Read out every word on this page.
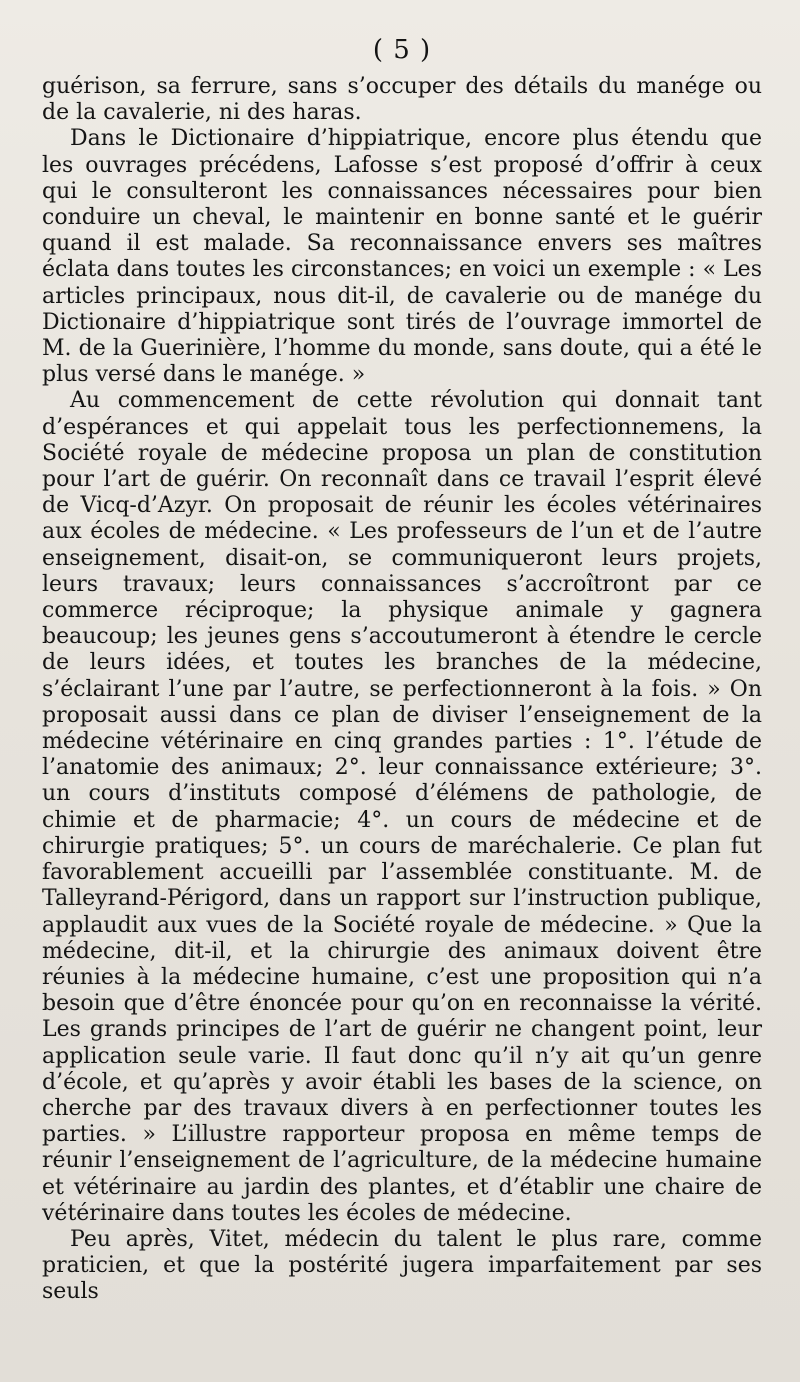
( 5 )

guérison, sa ferrure, sans s’occuper des détails du manége ou de la cavalerie, ni des haras.

Dans le Dictionaire d’hippiatrique, encore plus étendu que les ouvrages précédens, Lafosse s’est proposé d’offrir à ceux qui le consulteront les connaissances nécessaires pour bien conduire un cheval, le maintenir en bonne santé et le guérir quand il est malade. Sa reconnaissance envers ses maîtres éclata dans toutes les circonstances; en voici un exemple : « Les articles principaux, nous dit-il, de cavalerie ou de manége du Dictionaire d’hippiatrique sont tirés de l’ouvrage immortel de M. de la Guerinière, l’homme du monde, sans doute, qui a été le plus versé dans le manége. »

Au commencement de cette révolution qui donnait tant d’espérances et qui appelait tous les perfectionnemens, la Société royale de médecine proposa un plan de constitution pour l’art de guérir. On reconnaît dans ce travail l’esprit élevé de Vicq-d’Azyr. On proposait de réunir les écoles vétérinaires aux écoles de médecine. « Les professeurs de l’un et de l’autre enseignement, disait-on, se communiqueront leurs projets, leurs travaux; leurs connaissances s’accroîtront par ce commerce réciproque; la physique animale y gagnera beaucoup; les jeunes gens s’accoutumeront à étendre le cercle de leurs idées, et toutes les branches de la médecine, s’éclairant l’une par l’autre, se perfectionneront à la fois. » On proposait aussi dans ce plan de diviser l’enseignement de la médecine vétérinaire en cinq grandes parties : 1°. l’étude de l’anatomie des animaux; 2°. leur connaissance extérieure; 3°. un cours d’instituts composé d’élémens de pathologie, de chimie et de pharmacie; 4°. un cours de médecine et de chirurgie pratiques; 5°. un cours de maréchalerie. Ce plan fut favorablement accueilli par l’assemblée constituante. M. de Talleyrand-Périgord, dans un rapport sur l’instruction publique, applaudit aux vues de la Société royale de médecine. » Que la médecine, dit-il, et la chirurgie des animaux doivent être réunies à la médecine humaine, c’est une proposition qui n’a besoin que d’être énoncée pour qu’on en reconnaisse la vérité. Les grands principes de l’art de guérir ne changent point, leur application seule varie. Il faut donc qu’il n’y ait qu’un genre d’école, et qu’après y avoir établi les bases de la science, on cherche par des travaux divers à en perfectionner toutes les parties. » L’illustre rapporteur proposa en même temps de réunir l’enseignement de l’agriculture, de la médecine humaine et vétérinaire au jardin des plantes, et d’établir une chaire de vétérinaire dans toutes les écoles de médecine.

Peu après, Vitet, médecin du talent le plus rare, comme praticien, et que la postérité jugera imparfaitement par ses seuls
